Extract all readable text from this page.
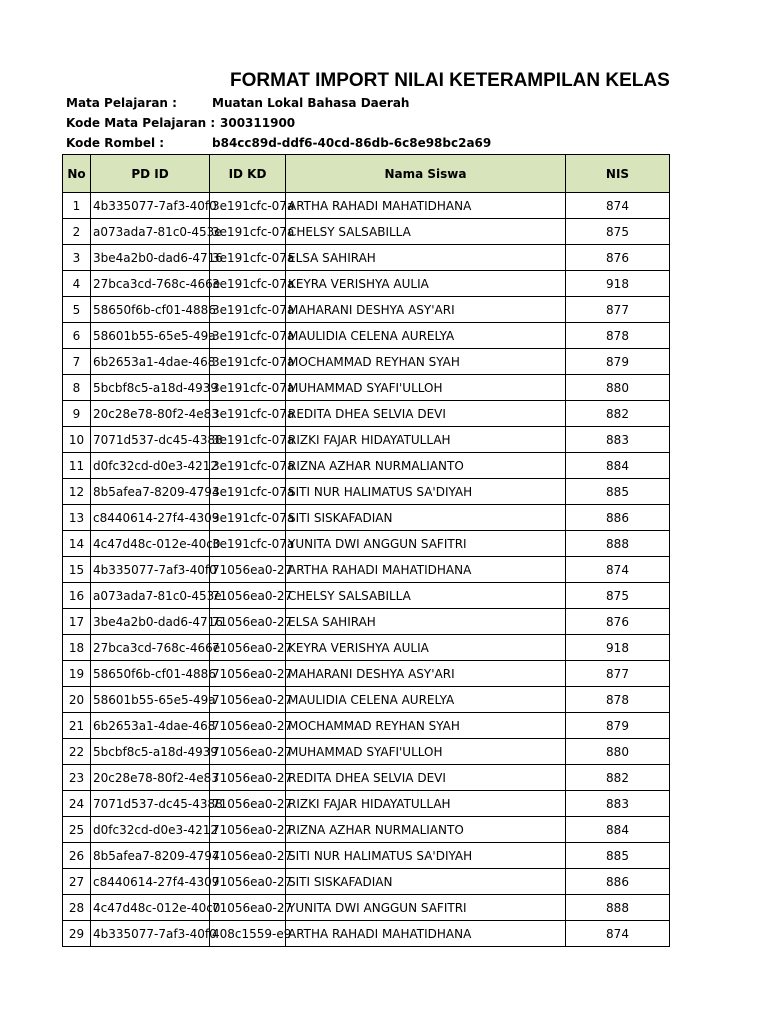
FORMAT IMPORT NILAI KETERAMPILAN KELAS
Mata Pelajaran :	Muatan Lokal Bahasa Daerah
Kode Mata Pelajaran : 300311900
Kode Rombel :	b84cc89d-ddf6-40cd-86db-6c8e98bc2a69
No	PD ID	ID KD	Nama Siswa	NIS
1	4b335077-7af3-40f0	3e191cfc-07a	ARTHA RAHADI MAHATIDHANA	874
2	a073ada7-81c0-453e	3e191cfc-07a	CHELSY SALSABILLA	875
3	3be4a2b0-dad6-4716	3e191cfc-07a	ELSA SAHIRAH	876
4	27bca3cd-768c-466e	3e191cfc-07a	KEYRA VERISHYA AULIA	918
5	58650f6b-cf01-4886	3e191cfc-07a	MAHARANI DESHYA ASY'ARI	877
6	58601b55-65e5-49a	3e191cfc-07a	MAULIDIA CELENA AURELYA	878
7	6b2653a1-4dae-468	3e191cfc-07a	MOCHAMMAD REYHAN SYAH	879
8	5bcbf8c5-a18d-4939	3e191cfc-07a	MUHAMMAD SYAFI'ULLOH	880
9	20c28e78-80f2-4e83	3e191cfc-07a	REDITA DHEA SELVIA DEVI	882
10	7071d537-dc45-4388	3e191cfc-07a	RIZKI FAJAR HIDAYATULLAH	883
11	d0fc32cd-d0e3-4212	3e191cfc-07a	RIZNA AZHAR NURMALIANTO	884
12	8b5afea7-8209-4794	3e191cfc-07a	SITI NUR HALIMATUS SA'DIYAH	885
13	c8440614-27f4-4309	3e191cfc-07a	SITI SISKAFADIAN	886
14	4c47d48c-012e-40c0	3e191cfc-07a	YUNITA DWI ANGGUN SAFITRI	888
15	4b335077-7af3-40f0	71056ea0-27	ARTHA RAHADI MAHATIDHANA	874
16	a073ada7-81c0-453e	71056ea0-27	CHELSY SALSABILLA	875
17	3be4a2b0-dad6-4716	71056ea0-27	ELSA SAHIRAH	876
18	27bca3cd-768c-466e	71056ea0-27	KEYRA VERISHYA AULIA	918
19	58650f6b-cf01-4886	71056ea0-27	MAHARANI DESHYA ASY'ARI	877
20	58601b55-65e5-49a	71056ea0-27	MAULIDIA CELENA AURELYA	878
21	6b2653a1-4dae-468	71056ea0-27	MOCHAMMAD REYHAN SYAH	879
22	5bcbf8c5-a18d-4939	71056ea0-27	MUHAMMAD SYAFI'ULLOH	880
23	20c28e78-80f2-4e83	71056ea0-27	REDITA DHEA SELVIA DEVI	882
24	7071d537-dc45-4388	71056ea0-27	RIZKI FAJAR HIDAYATULLAH	883
25	d0fc32cd-d0e3-4212	71056ea0-27	RIZNA AZHAR NURMALIANTO	884
26	8b5afea7-8209-4794	71056ea0-27	SITI NUR HALIMATUS SA'DIYAH	885
27	c8440614-27f4-4309	71056ea0-27	SITI SISKAFADIAN	886
28	4c47d48c-012e-40c0	71056ea0-27	YUNITA DWI ANGGUN SAFITRI	888
29	4b335077-7af3-40f0	408c1559-e9	ARTHA RAHADI MAHATIDHANA	874
